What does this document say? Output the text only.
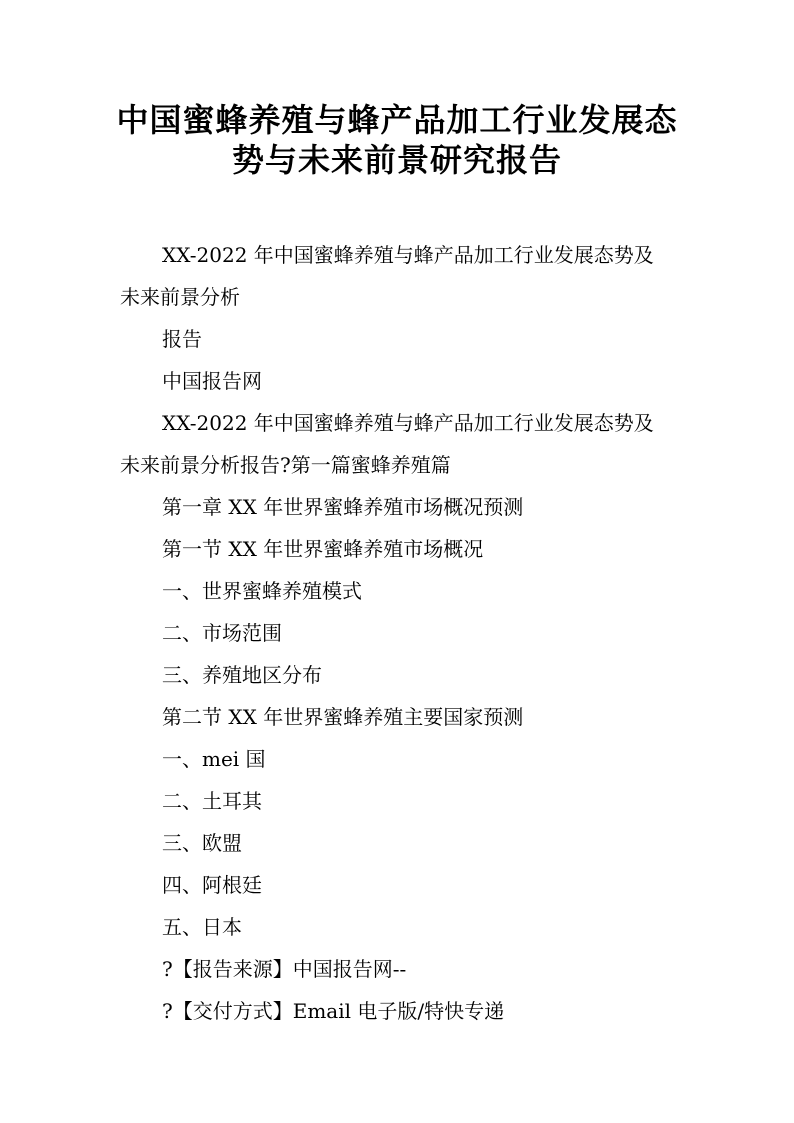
中国蜜蜂养殖与蜂产品加工行业发展态
势与未来前景研究报告

XX-2022 年中国蜜蜂养殖与蜂产品加工行业发展态势及

未来前景分析

报告

中国报告网

XX-2022 年中国蜜蜂养殖与蜂产品加工行业发展态势及

未来前景分析报告?第一篇蜜蜂养殖篇

第一章 XX 年世界蜜蜂养殖市场概况预测

第一节 XX 年世界蜜蜂养殖市场概况

一、世界蜜蜂养殖模式

二、市场范围

三、养殖地区分布

第二节 XX 年世界蜜蜂养殖主要国家预测

一、mei 国

二、土耳其

三、欧盟

四、阿根廷

五、日本

?【报告来源】中国报告网--

?【交付方式】Email 电子版/特快专递
